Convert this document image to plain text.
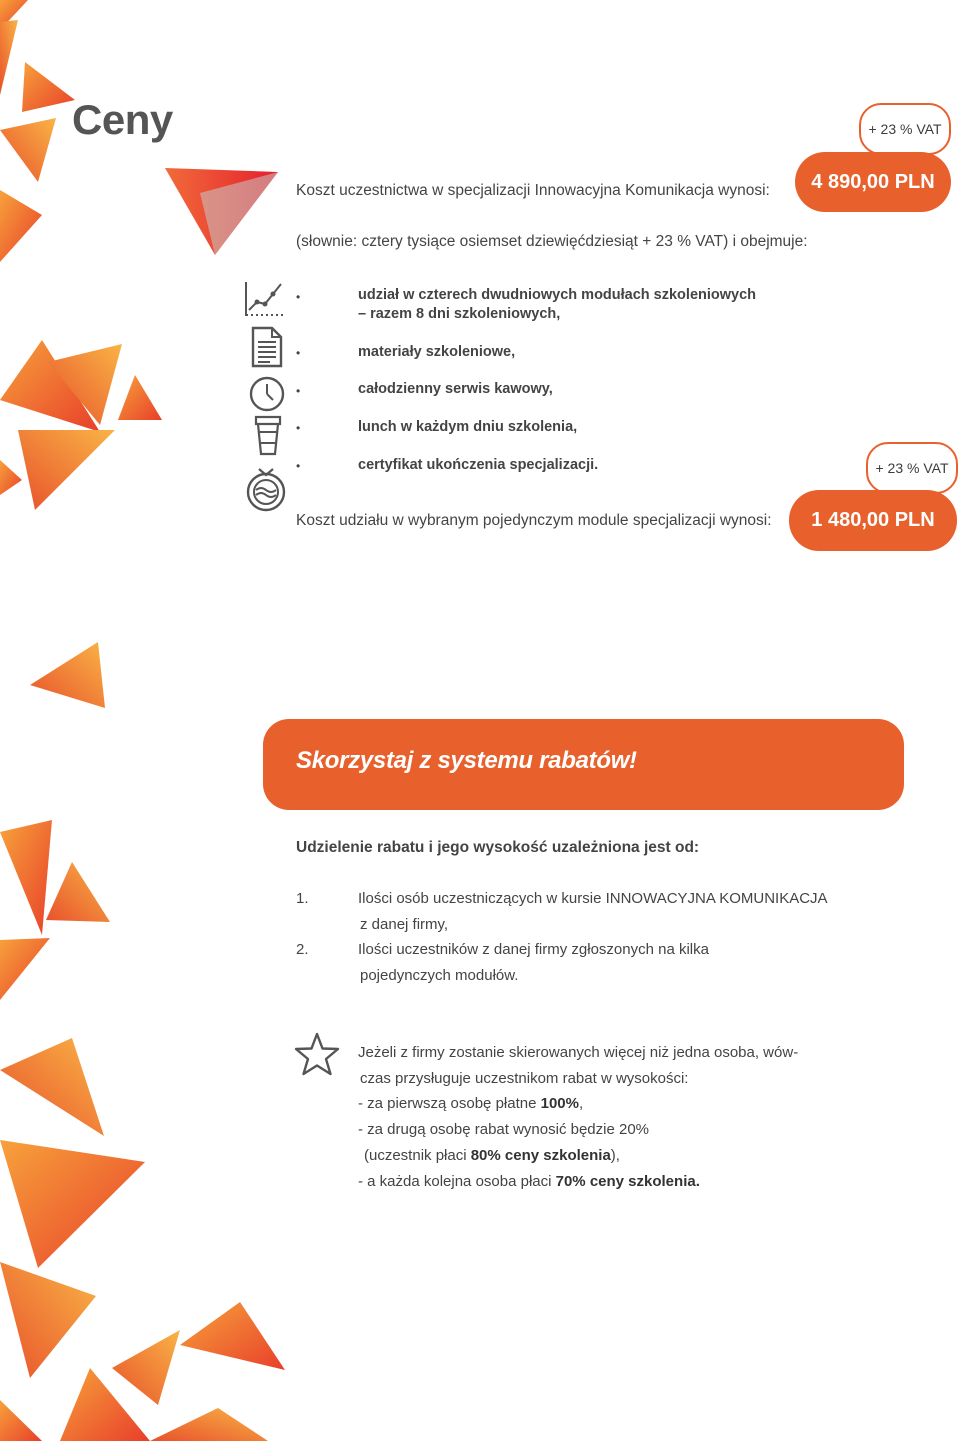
Ceny	+ 23 % VAT
4 890,00 PLN
Koszt uczestnictwa w specjalizacji Innowacyjna Komunikacja wynosi:
(słownie: cztery tysiące osiemset dziewięćdziesiąt + 23 % VAT) i obejmuje:
•	udział w czterech dwudniowych modułach szkoleniowych
– razem 8 dni szkoleniowych,
•	materiały szkoleniowe,
•	całodzienny serwis kawowy,
•	lunch w każdym dniu szkolenia,
•	certyfikat ukończenia specjalizacji.	+ 23 % VAT
1 480,00 PLN
Koszt udziału w wybranym pojedynczym module specjalizacji wynosi:
Skorzystaj z systemu rabatów!
Udzielenie rabatu i jego wysokość uzależniona jest od:
1.	Ilości osób uczestniczących w kursie INNOWACYJNA KOMUNIKACJA
z danej firmy,
2.	Ilości uczestników z danej firmy zgłoszonych na kilka
pojedynczych modułów.
Jeżeli z firmy zostanie skierowanych więcej niż jedna osoba, wów-
czas przysługuje uczestnikom rabat w wysokości:
- za pierwszą osobę płatne 100%,
- za drugą osobę rabat wynosić będzie 20%
(uczestnik płaci 80% ceny szkolenia),
- a każda kolejna osoba płaci 70% ceny szkolenia.
